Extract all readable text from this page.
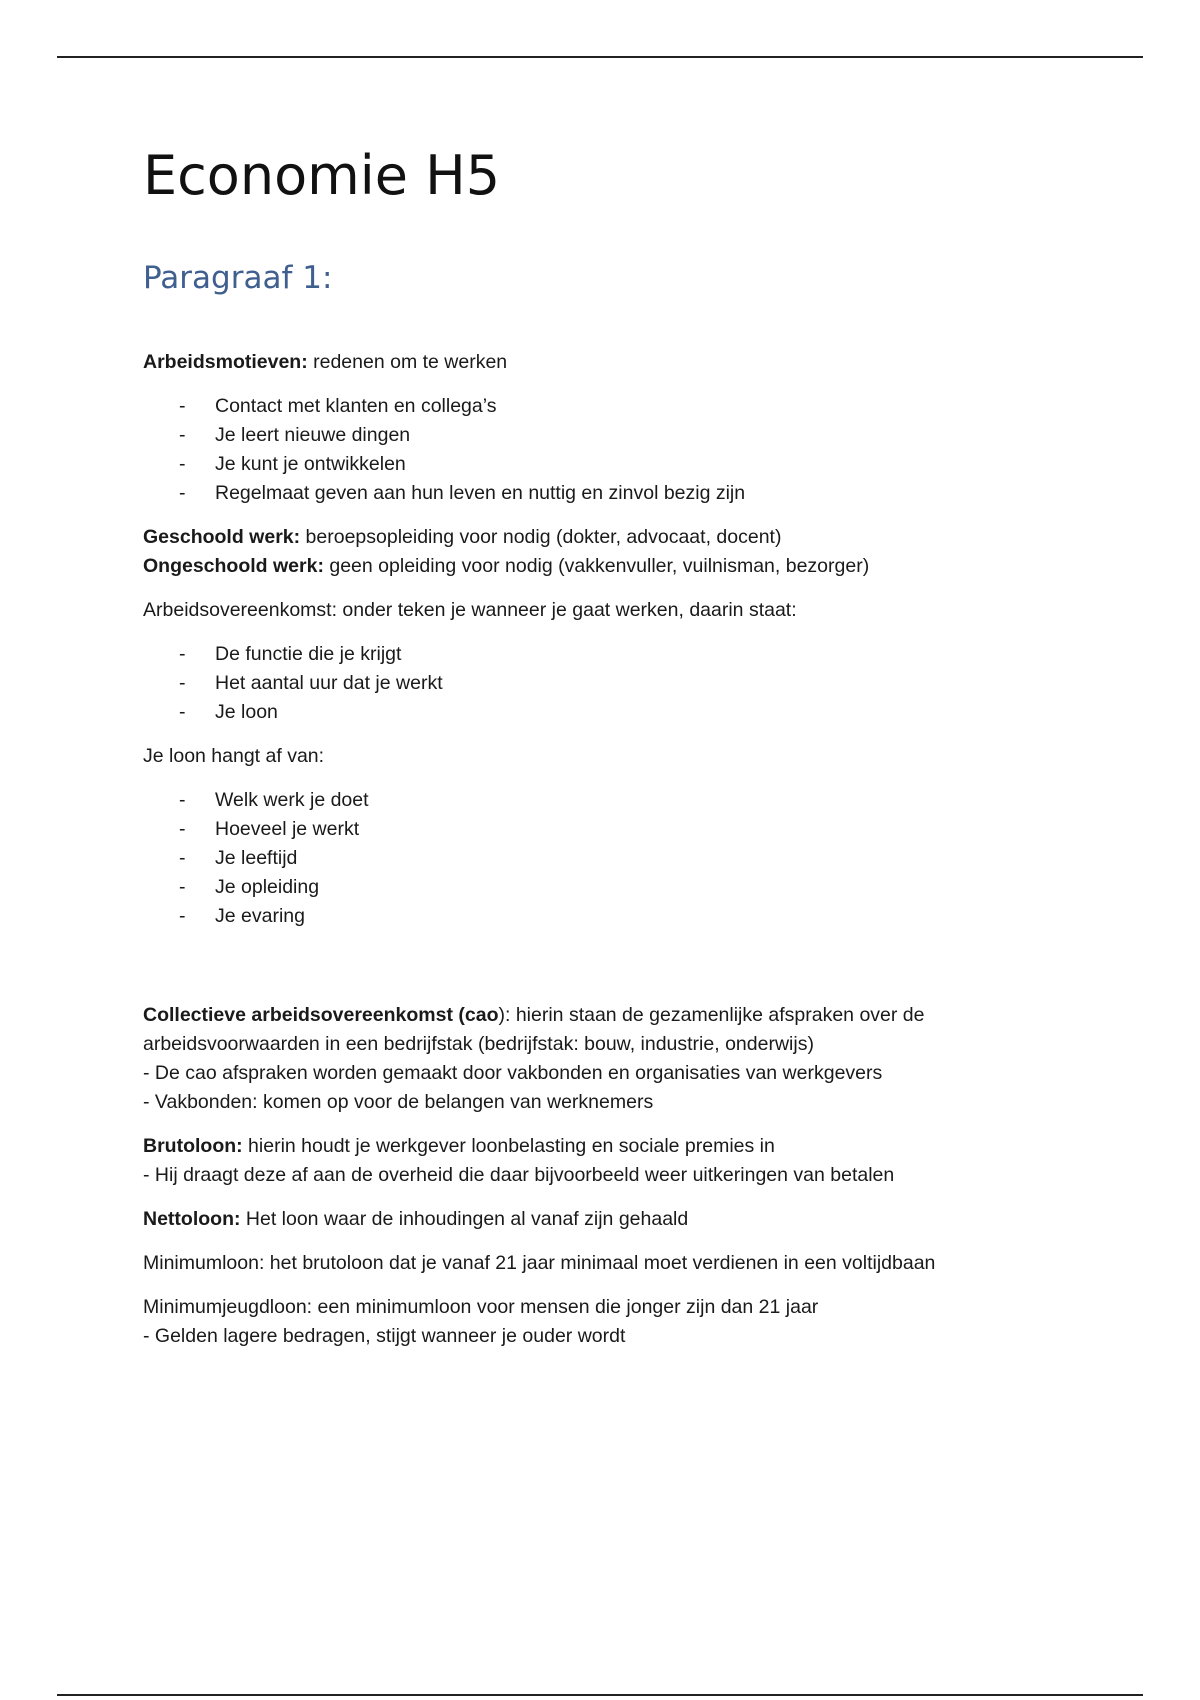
Economie H5
Paragraaf 1:

Arbeidsmotieven: redenen om te werken

- Contact met klanten en collega’s
- Je leert nieuwe dingen
- Je kunt je ontwikkelen
- Regelmaat geven aan hun leven en nuttig en zinvol bezig zijn

Geschoold werk: beroepsopleiding voor nodig (dokter, advocaat, docent)

Ongeschoold werk: geen opleiding voor nodig (vakkenvuller, vuilnisman, bezorger)

Arbeidsovereenkomst: onder teken je wanneer je gaat werken, daarin staat:

- De functie die je krijgt
- Het aantal uur dat je werkt
- Je loon

Je loon hangt af van:

- Welk werk je doet
- Hoeveel je werkt
- Je leeftijd
- Je opleiding
- Je evaring

Collectieve arbeidsovereenkomst (cao): hierin staan de gezamenlijke afspraken over de arbeidsvoorwaarden in een bedrijfstak (bedrijfstak: bouw, industrie, onderwijs)

- De cao afspraken worden gemaakt door vakbonden en organisaties van werkgevers

- Vakbonden: komen op voor de belangen van werknemers

Brutoloon: hierin houdt je werkgever loonbelasting en sociale premies in

- Hij draagt deze af aan de overheid die daar bijvoorbeeld weer uitkeringen van betalen

Nettoloon: Het loon waar de inhoudingen al vanaf zijn gehaald

Minimumloon: het brutoloon dat je vanaf 21 jaar minimaal moet verdienen in een voltijdbaan

Minimumjeugdloon: een minimumloon voor mensen die jonger zijn dan 21 jaar

- Gelden lagere bedragen, stijgt wanneer je ouder wordt
